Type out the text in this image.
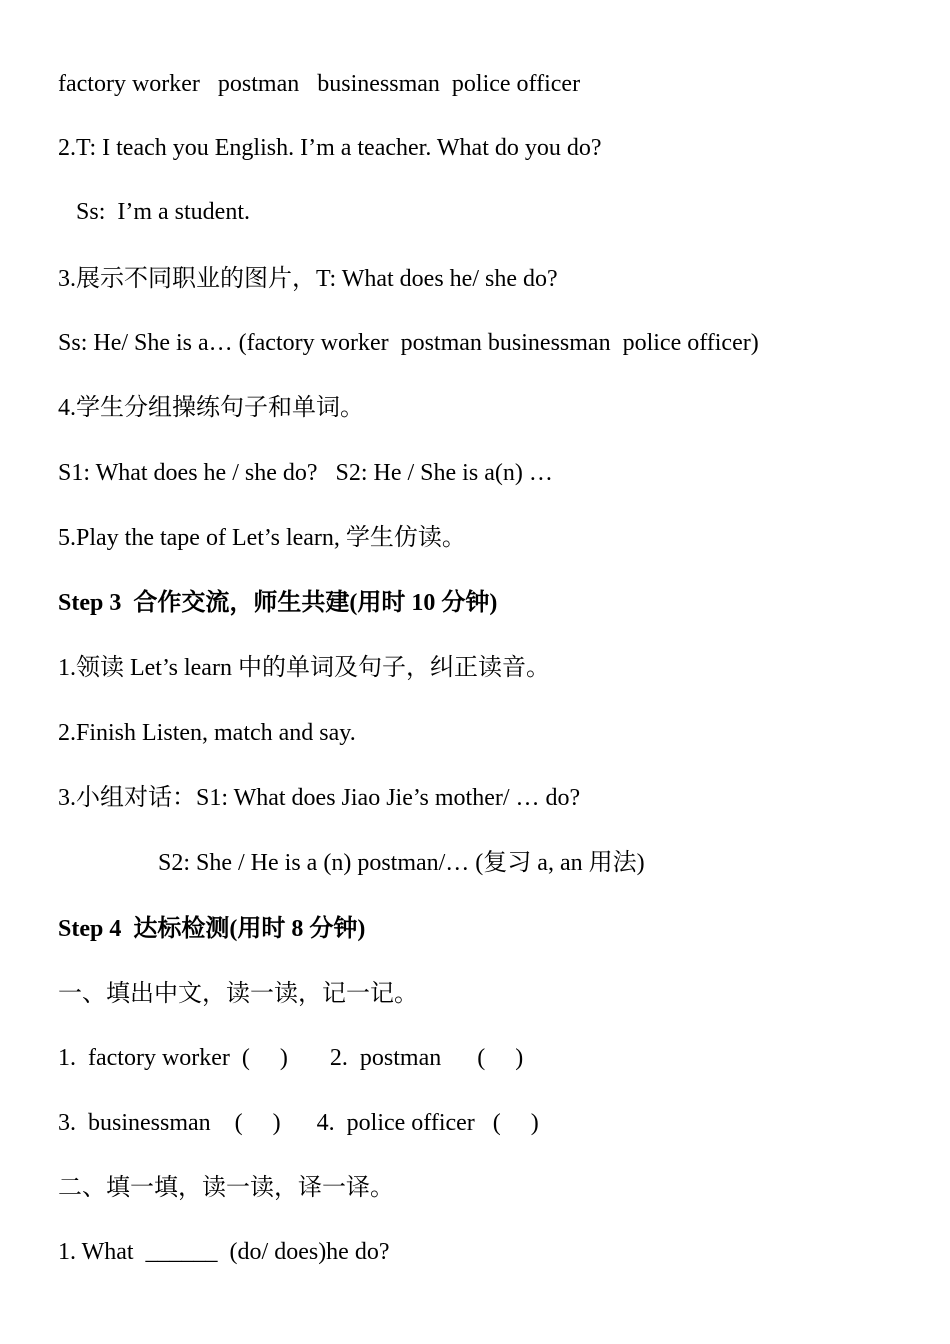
factory worker   postman   businessman  police officer
2.T: I teach you English. I’m a teacher. What do you do?
Ss:  I’m a student.
3.展示不同职业的图片，T: What does he/ she do?
Ss: He/ She is a… (factory worker  postman businessman  police officer)
4.学生分组操练句子和单词。
S1: What does he / she do?   S2: He / She is a(n) …
5.Play the tape of Let’s learn, 学生仿读。
Step 3  合作交流，师生共建(用时 10 分钟)
1.领读 Let’s learn 中的单词及句子，纠正读音。
2.Finish Listen, match and say.
3.小组对话：S1: What does Jiao Jie’s mother/ … do?
S2: She / He is a (n) postman/… (复习 a, an 用法)
Step 4  达标检测(用时 8 分钟)
一、填出中文，读一读，记一记。
1.  factory worker  (     )       2.  postman      (     )
3.  businessman    (     )      4.  police officer   (     )
二、填一填，读一读，译一译。
1. What  ______  (do/ does)he do?
